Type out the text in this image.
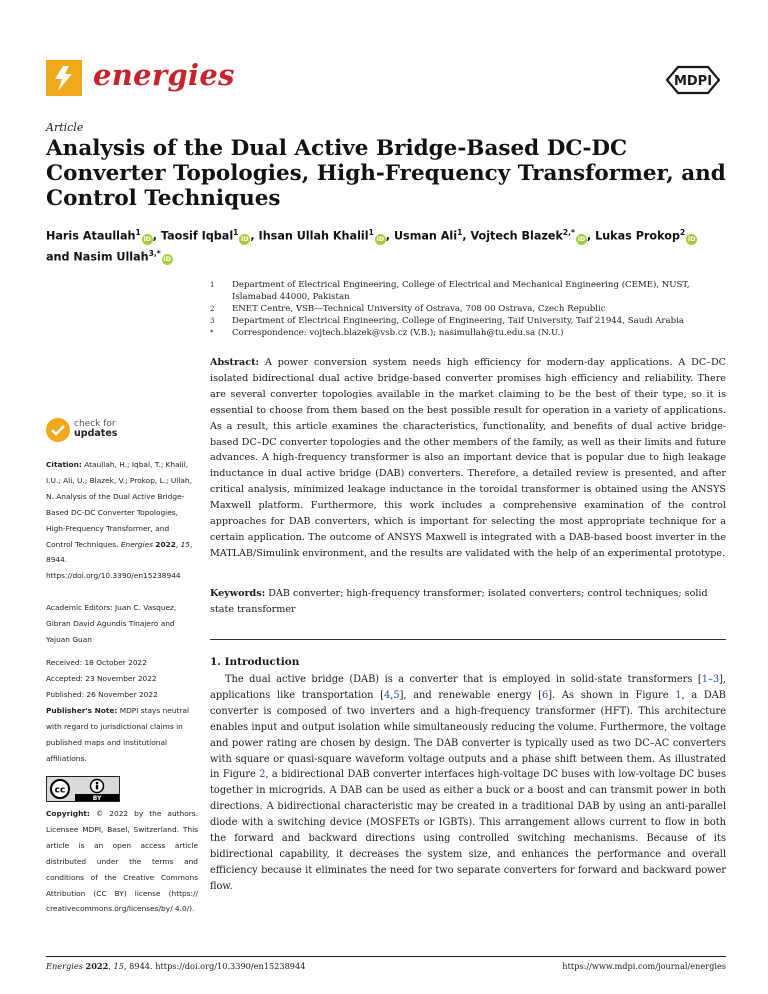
energies	MDPI
Article
Analysis of the Dual Active Bridge-Based DC-DC Converter Topologies, High-Frequency Transformer, and Control Techniques
Haris Ataullah$^1$iD , Taosif Iqbal$^1$iD , Ihsan Ullah Khalil$^1$iD , Usman Ali$^1$, Vojtech Blazek$^{2,*}$iD , Lukas Prokop$^2$iD
and Nasim Ullah$^{3,*}$iD
1	Department of Electrical Engineering, College of Electrical and Mechanical Engineering (CEME), NUST, Islamabad 44000, Pakistan
2	ENET Centre, VSB—Technical University of Ostrava, 708 00 Ostrava, Czech Republic
3	Department of Electrical Engineering, College of Engineering, Taif University, Taif 21944, Saudi Arabia
*	Correspondence: vojtech.blazek@vsb.cz (V.B.); nasimullah@tu.edu.sa (N.U.)
Abstract: A power conversion system needs high efficiency for modern-day applications. A DC–DC isolated bidirectional dual active bridge-based converter promises high efficiency and reliability. There are several converter topologies available in the market claiming to be the best of their type, so it is essential to choose from them based on the best possible result for operation in a variety of applications. As a result, this article examines the characteristics, functionality, and benefits of dual active bridge-based DC–DC converter topologies and the other members of the family, as well as their limits and future advances. A high-frequency transformer is also an important device that is popular due to high leakage inductance in dual active bridge (DAB) converters. Therefore, a detailed review is presented, and after critical analysis, minimized leakage inductance in the toroidal transformer is obtained using the ANSYS Maxwell platform. Furthermore, this work includes a comprehensive examination of the control approaches for DAB converters, which is important for selecting the most appropriate technique for a certain application. The outcome of ANSYS Maxwell is integrated with a DAB-based boost inverter in the MATLAB/Simulink environment, and the results are validated with the help of an experimental prototype.
Keywords: DAB converter; high-frequency transformer; isolated converters; control techniques; solid state transformer
1. Introduction
The dual active bridge (DAB) is a converter that is employed in solid-state transformers [1–3], applications like transportation [4,5], and renewable energy [6]. As shown in Figure 1, a DAB converter is composed of two inverters and a high-frequency transformer (HFT). This architecture enables input and output isolation while simultaneously reducing the volume. Furthermore, the voltage and power rating are chosen by design. The DAB converter is typically used as two DC–AC converters with square or quasi-square waveform voltage outputs and a phase shift between them. As illustrated in Figure 2, a bidirectional DAB converter interfaces high-voltage DC buses with low-voltage DC buses together in microgrids. A DAB can be used as either a buck or a boost and can transmit power in both directions. A bidirectional characteristic may be created in a traditional DAB by using an anti-parallel diode with a switching device (MOSFETs or IGBTs). This arrangement allows current to flow in both the forward and backward directions using controlled switching mechanisms. Because of its bidirectional capability, it decreases the system size, and enhances the performance and overall efficiency because it eliminates the need for two separate converters for forward and backward power flow.
check for
updates
Citation: Ataullah, H.; Iqbal, T.; Khalil, I.U.; Ali, U.; Blazek, V.; Prokop, L.; Ullah, N. Analysis of the Dual Active Bridge-Based DC-DC Converter Topologies, High-Frequency Transformer, and Control Techniques. Energies 2022, 15, 8944. https://doi.org/10.3390/en15238944
Academic Editors: Juan C. Vasquez, Gibran David Agundis Tinajero and Yajuan Guan
Received: 18 October 2022
Accepted: 23 November 2022
Published: 26 November 2022
Publisher's Note: MDPI stays neutral with regard to jurisdictional claims in published maps and institutional affiliations.
cc
BY
Copyright: © 2022 by the authors. Licensee MDPI, Basel, Switzerland. This article is an open access article distributed under the terms and conditions of the Creative Commons Attribution (CC BY) license (https:// creativecommons.org/licenses/by/ 4.0/).
Energies 2022, 15, 8944. https://doi.org/10.3390/en15238944	https://www.mdpi.com/journal/energies
